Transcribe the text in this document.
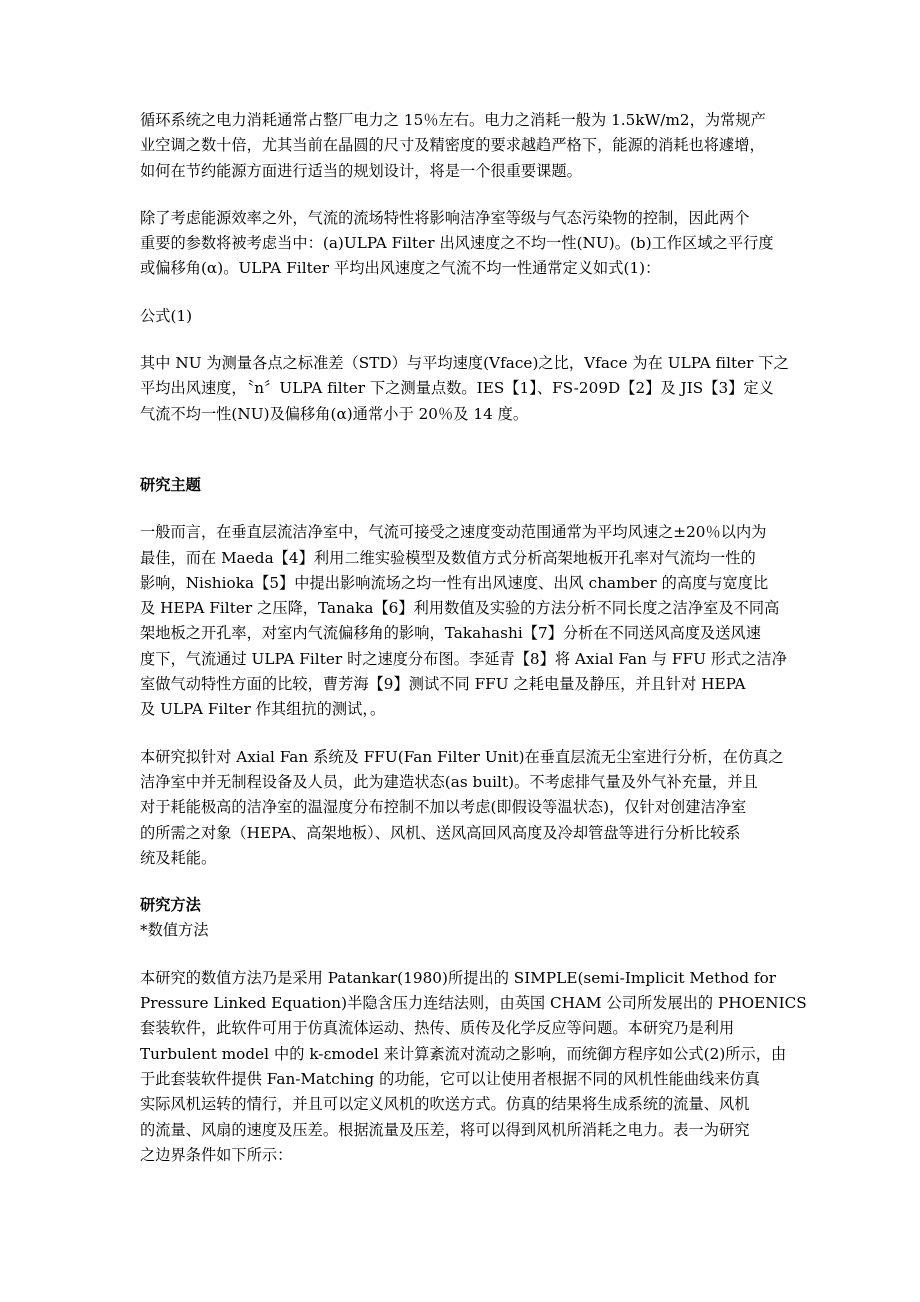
循环系统之电力消耗通常占整厂电力之 15％左右。电力之消耗一般为 1.5kW/m2，为常规产
业空调之数十倍，尤其当前在晶圆的尺寸及精密度的要求越趋严格下，能源的消耗也将遽增，
如何在节约能源方面进行适当的规划设计，将是一个很重要课题。
除了考虑能源效率之外，气流的流场特性将影响洁净室等级与气态污染物的控制，因此两个
重要的参数将被考虑当中：(a)ULPA Filter 出风速度之不均一性(NU)。(b)工作区域之平行度
或偏移角(α)。ULPA Filter 平均出风速度之气流不均一性通常定义如式(1)：
公式(1)
其中 NU 为测量各点之标准差（STD）与平均速度(Vface)之比，Vface 为在 ULPA filter 下之
平均出风速度，〝n〞ULPA filter 下之测量点数。IES【1】、FS-209D【2】及 JIS【3】定义
气流不均一性(NU)及偏移角(α)通常小于 20％及 14 度。
研究主题
一般而言，在垂直层流洁净室中，气流可接受之速度变动范围通常为平均风速之±20％以内为
最佳，而在 Maeda【4】利用二维实验模型及数值方式分析高架地板开孔率对气流均一性的
影响，Nishioka【5】中提出影响流场之均一性有出风速度、出风 chamber 的高度与宽度比
及 HEPA Filter 之压降，Tanaka【6】利用数值及实验的方法分析不同长度之洁净室及不同高
架地板之开孔率，对室内气流偏移角的影响，Takahashi【7】分析在不同送风高度及送风速
度下，气流通过 ULPA Filter 时之速度分布图。李延青【8】将 Axial Fan 与 FFU 形式之洁净
室做气动特性方面的比较，曹芳海【9】测试不同 FFU 之耗电量及静压，并且针对 HEPA
及 ULPA Filter 作其组抗的测试，。
本研究拟针对 Axial Fan 系统及 FFU(Fan Filter Unit)在垂直层流无尘室进行分析，在仿真之
洁净室中并无制程设备及人员，此为建造状态(as built)。不考虑排气量及外气补充量，并且
对于耗能极高的洁净室的温湿度分布控制不加以考虑(即假设等温状态)，仅针对创建洁净室
的所需之对象（HEPA、高架地板）、风机、送风高回风高度及冷却管盘等进行分析比较系
统及耗能。
研究方法
*数值方法
本研究的数值方法乃是采用 Patankar(1980)所提出的 SIMPLE(semi-Implicit Method for
Pressure Linked Equation)半隐含压力连结法则，由英国 CHAM 公司所发展出的 PHOENICS
套装软件，此软件可用于仿真流体运动、热传、质传及化学反应等问题。本研究乃是利用
Turbulent model 中的 k-εmodel 来计算紊流对流动之影响，而统御方程序如公式(2)所示，由
于此套装软件提供 Fan-Matching 的功能，它可以让使用者根据不同的风机性能曲线来仿真
实际风机运转的情行，并且可以定义风机的吹送方式。仿真的结果将生成系统的流量、风机
的流量、风扇的速度及压差。根据流量及压差，将可以得到风机所消耗之电力。表一为研究
之边界条件如下所示：
